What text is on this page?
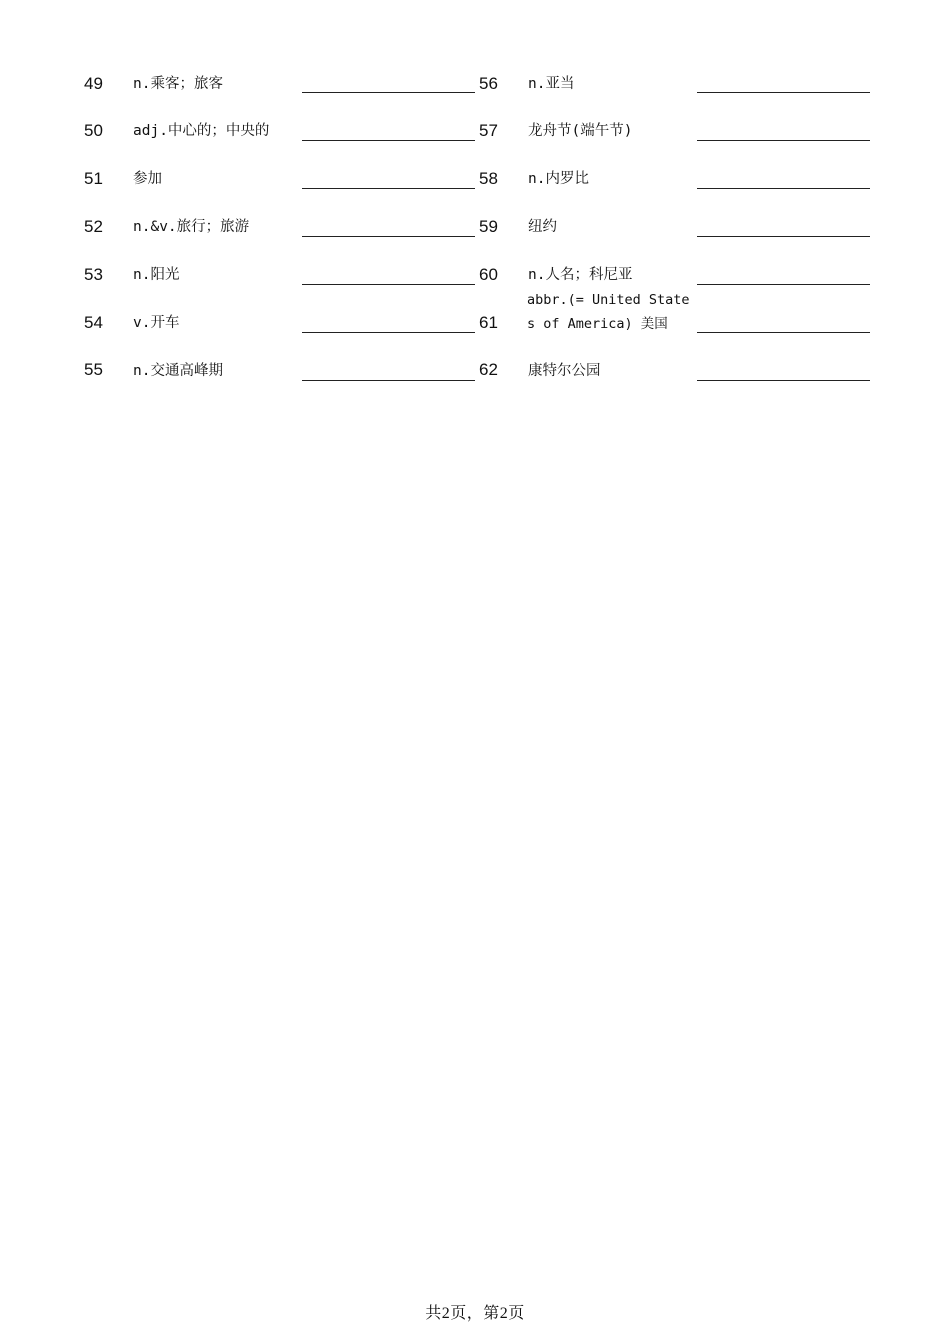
49 n.乘客；旅客
50 adj.中心的；中央的
51 参加
52 n.&v.旅行；旅游
53 n.阳光
54 v.开车
55 n.交通高峰期
56 n.亚当
57 龙舟节(端午节)
58 n.内罗比
59 纽约
60 n.人名；科尼亚
61
abbr.(= United States of America) 美国
62 康特尔公园
共2页，第2页
